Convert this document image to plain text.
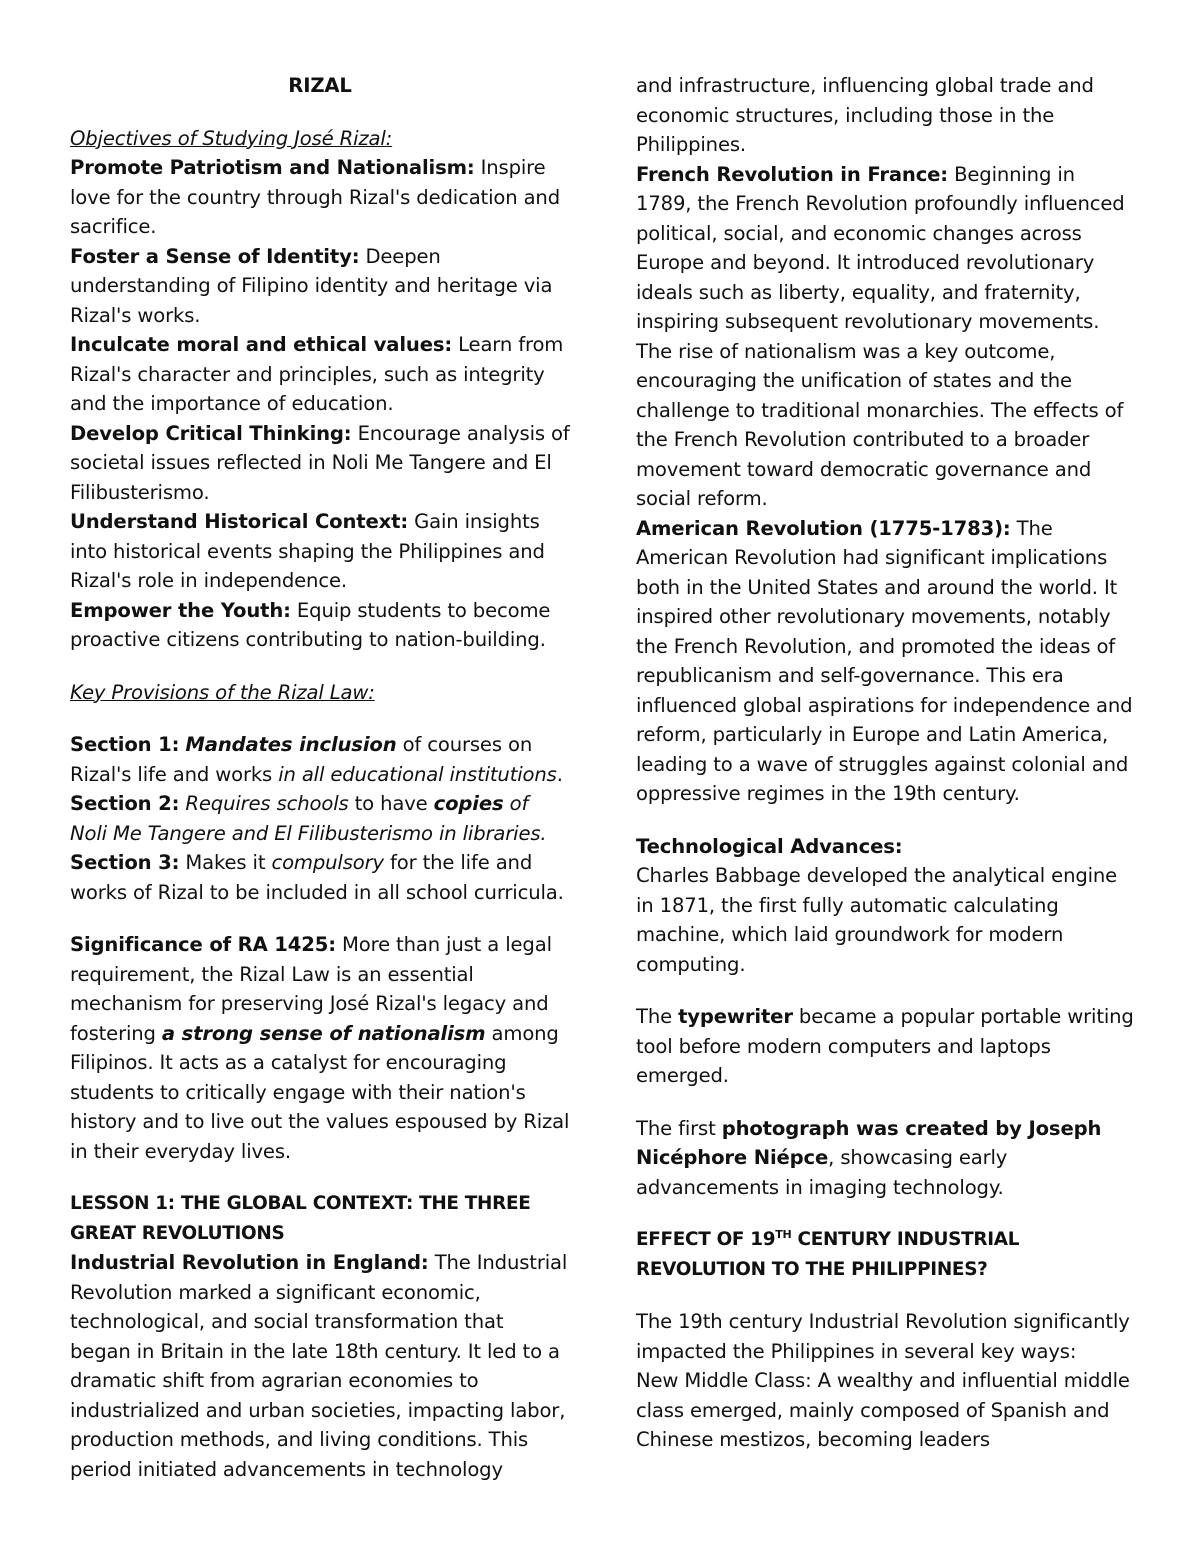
RIZAL

Objectives of Studying José Rizal:

Promote Patriotism and Nationalism: Inspire love for the country through Rizal's dedication and sacrifice.

Foster a Sense of Identity: Deepen understanding of Filipino identity and heritage via Rizal's works.

Inculcate moral and ethical values: Learn from Rizal's character and principles, such as integrity and the importance of education.

Develop Critical Thinking: Encourage analysis of societal issues reflected in Noli Me Tangere and El Filibusterismo.

Understand Historical Context: Gain insights into historical events shaping the Philippines and Rizal's role in independence.

Empower the Youth: Equip students to become proactive citizens contributing to nation-building.

Key Provisions of the Rizal Law:

Section 1: Mandates inclusion of courses on Rizal's life and works in all educational institutions.

Section 2: Requires schools to have copies of Noli Me Tangere and El Filibusterismo in libraries.

Section 3: Makes it compulsory for the life and works of Rizal to be included in all school curricula.

Significance of RA 1425: More than just a legal requirement, the Rizal Law is an essential mechanism for preserving José Rizal's legacy and fostering a strong sense of nationalism among Filipinos. It acts as a catalyst for encouraging students to critically engage with their nation's history and to live out the values espoused by Rizal in their everyday lives.

LESSON 1: THE GLOBAL CONTEXT: THE THREE GREAT REVOLUTIONS

Industrial Revolution in England: The Industrial Revolution marked a significant economic, technological, and social transformation that began in Britain in the late 18th century. It led to a dramatic shift from agrarian economies to industrialized and urban societies, impacting labor, production methods, and living conditions. This period initiated advancements in technology

and infrastructure, influencing global trade and economic structures, including those in the Philippines.

French Revolution in France: Beginning in 1789, the French Revolution profoundly influenced political, social, and economic changes across Europe and beyond. It introduced revolutionary ideals such as liberty, equality, and fraternity, inspiring subsequent revolutionary movements. The rise of nationalism was a key outcome, encouraging the unification of states and the challenge to traditional monarchies. The effects of the French Revolution contributed to a broader movement toward democratic governance and social reform.

American Revolution (1775-1783): The American Revolution had significant implications both in the United States and around the world. It inspired other revolutionary movements, notably the French Revolution, and promoted the ideas of republicanism and self-governance. This era influenced global aspirations for independence and reform, particularly in Europe and Latin America, leading to a wave of struggles against colonial and oppressive regimes in the 19th century.

Technological Advances:

Charles Babbage developed the analytical engine in 1871, the first fully automatic calculating machine, which laid groundwork for modern computing.

The typewriter became a popular portable writing tool before modern computers and laptops emerged.

The first photograph was created by Joseph Nicéphore Niépce, showcasing early advancements in imaging technology.

EFFECT OF 19TH CENTURY INDUSTRIAL REVOLUTION TO THE PHILIPPINES?

The 19th century Industrial Revolution significantly impacted the Philippines in several key ways:

New Middle Class: A wealthy and influential middle class emerged, mainly composed of Spanish and Chinese mestizos, becoming leaders
